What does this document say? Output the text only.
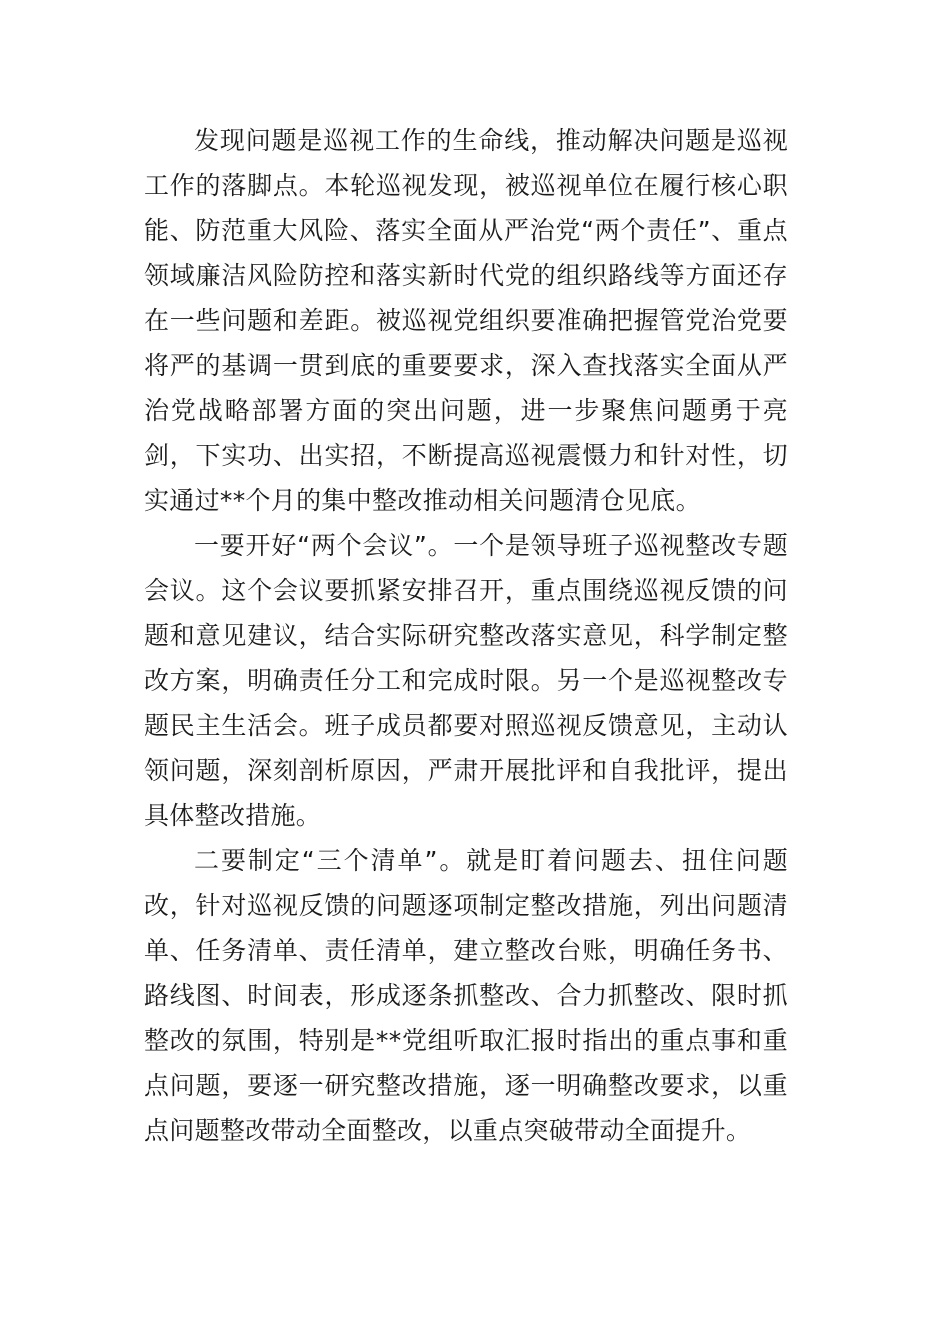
发现问题是巡视工作的生命线，推动解决问题是巡视工作的落脚点。本轮巡视发现，被巡视单位在履行核心职能、防范重大风险、落实全面从严治党“两个责任”、重点领域廉洁风险防控和落实新时代党的组织路线等方面还存在一些问题和差距。被巡视党组织要准确把握管党治党要将严的基调一贯到底的重要要求，深入查找落实全面从严治党战略部署方面的突出问题，进一步聚焦问题勇于亮剑，下实功、出实招，不断提高巡视震慑力和针对性，切实通过**个月的集中整改推动相关问题清仓见底。

一要开好“两个会议”。一个是领导班子巡视整改专题会议。这个会议要抓紧安排召开，重点围绕巡视反馈的问题和意见建议，结合实际研究整改落实意见，科学制定整改方案，明确责任分工和完成时限。另一个是巡视整改专题民主生活会。班子成员都要对照巡视反馈意见，主动认领问题，深刻剖析原因，严肃开展批评和自我批评，提出具体整改措施。

二要制定“三个清单”。就是盯着问题去、扭住问题改，针对巡视反馈的问题逐项制定整改措施，列出问题清单、任务清单、责任清单，建立整改台账，明确任务书、路线图、时间表，形成逐条抓整改、合力抓整改、限时抓整改的氛围，特别是**党组听取汇报时指出的重点事和重点问题，要逐一研究整改措施，逐一明确整改要求，以重点问题整改带动全面整改，以重点突破带动全面提升。
